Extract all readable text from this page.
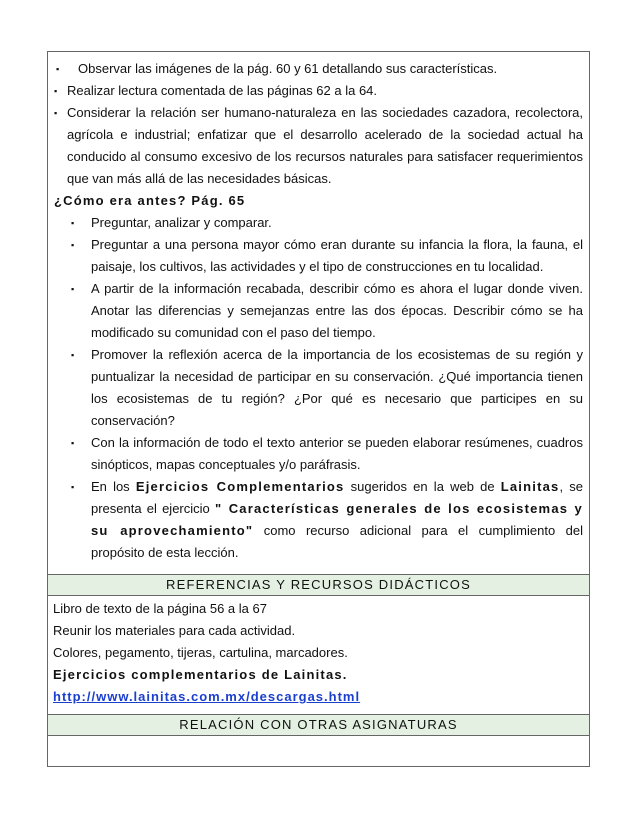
▪	Observar las imágenes de la pág. 60 y 61 detallando sus características.
▪ Realizar lectura comentada de las páginas 62 a la 64.
▪ Considerar la relación ser humano-naturaleza en las sociedades cazadora, recolectora, agrícola e industrial; enfatizar que el desarrollo acelerado de la sociedad actual ha conducido al consumo excesivo de los recursos naturales para satisfacer requerimientos que van más allá de las necesidades básicas.
¿Cómo era antes? Pág. 65
▪	Preguntar, analizar y comparar.
▪	Preguntar a una persona mayor cómo eran durante su infancia la flora, la fauna, el paisaje, los cultivos, las actividades y el tipo de construcciones en tu localidad.
▪	A partir de la información recabada, describir cómo es ahora el lugar donde viven. Anotar las diferencias y semejanzas entre las dos épocas. Describir cómo se ha modificado su comunidad con el paso del tiempo.
▪	Promover la reflexión acerca de la importancia de los ecosistemas de su región y puntualizar la necesidad de participar en su conservación. ¿Qué importancia tienen los ecosistemas de tu región? ¿Por qué es necesario que participes en su conservación?
▪	Con la información de todo el texto anterior se pueden elaborar resúmenes, cuadros sinópticos, mapas conceptuales y/o paráfrasis.
▪	En los Ejercicios Complementarios sugeridos en la web de Lainitas, se presenta el ejercicio " Características generales de los ecosistemas y su aprovechamiento" como recurso adicional para el cumplimiento del propósito de esta lección.
REFERENCIAS Y RECURSOS DIDÁCTICOS
Libro de texto de la página 56 a la 67
Reunir los materiales para cada actividad.
Colores, pegamento, tijeras, cartulina, marcadores.
Ejercicios complementarios de Lainitas.
http://www.lainitas.com.mx/descargas.html
RELACIÓN CON OTRAS ASIGNATURAS
